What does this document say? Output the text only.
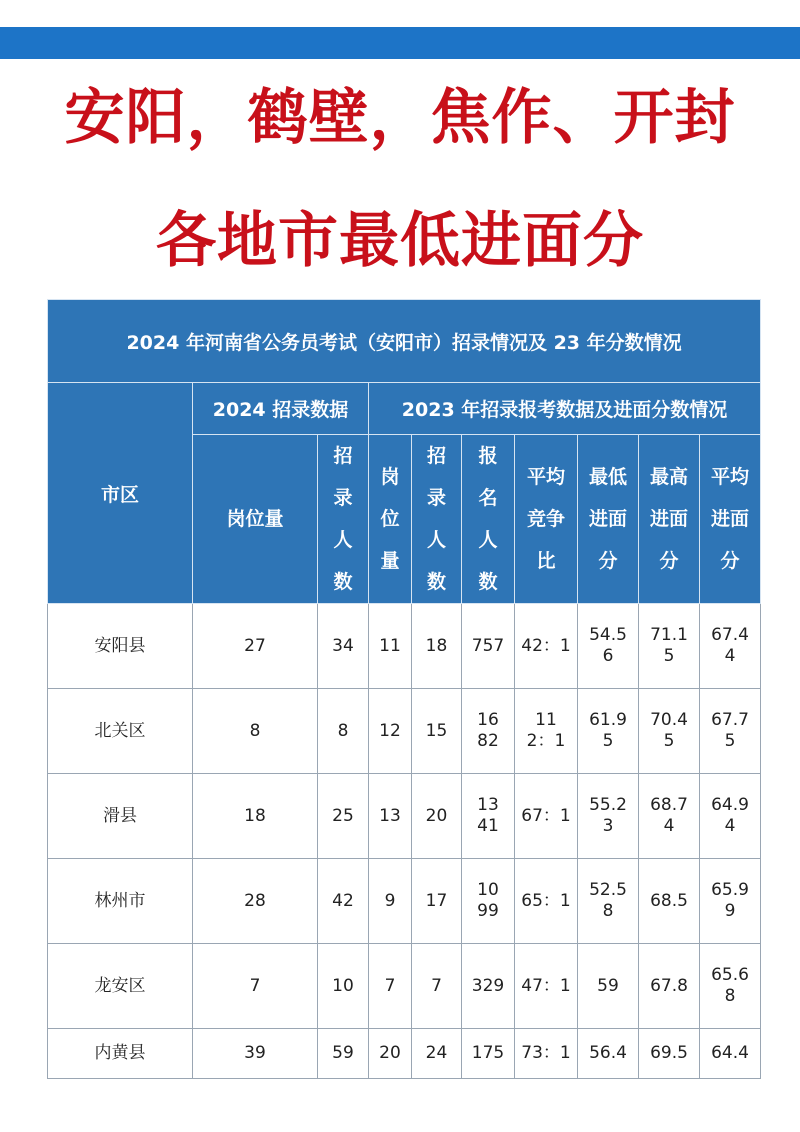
安阳，鹤壁，焦作、开封
各地市最低进面分
2024 年河南省公务员考试（安阳市）招录情况及 23 年分数情况									
市区	2024 招录数据		2023 年招录报考数据及进面分数情况						
	岗位量	招录人数	岗位量	招录人数	报名人数	平均竞争比	最低进面分	最高进面分	平均进面分
安阳县	27	34	11	18	757	42：1	54.56	71.15	67.44
北关区	8	8	12	15	1682	112：1	61.95	70.45	67.75
滑县	18	25	13	20	1341	67：1	55.23	68.74	64.94
林州市	28	42	9	17	1099	65：1	52.58	68.5	65.99
龙安区	7	10	7	7	329	47：1	59	67.8	65.68
内黄县	39	59	20	24	175	73：1	56.4	69.5	64.4
